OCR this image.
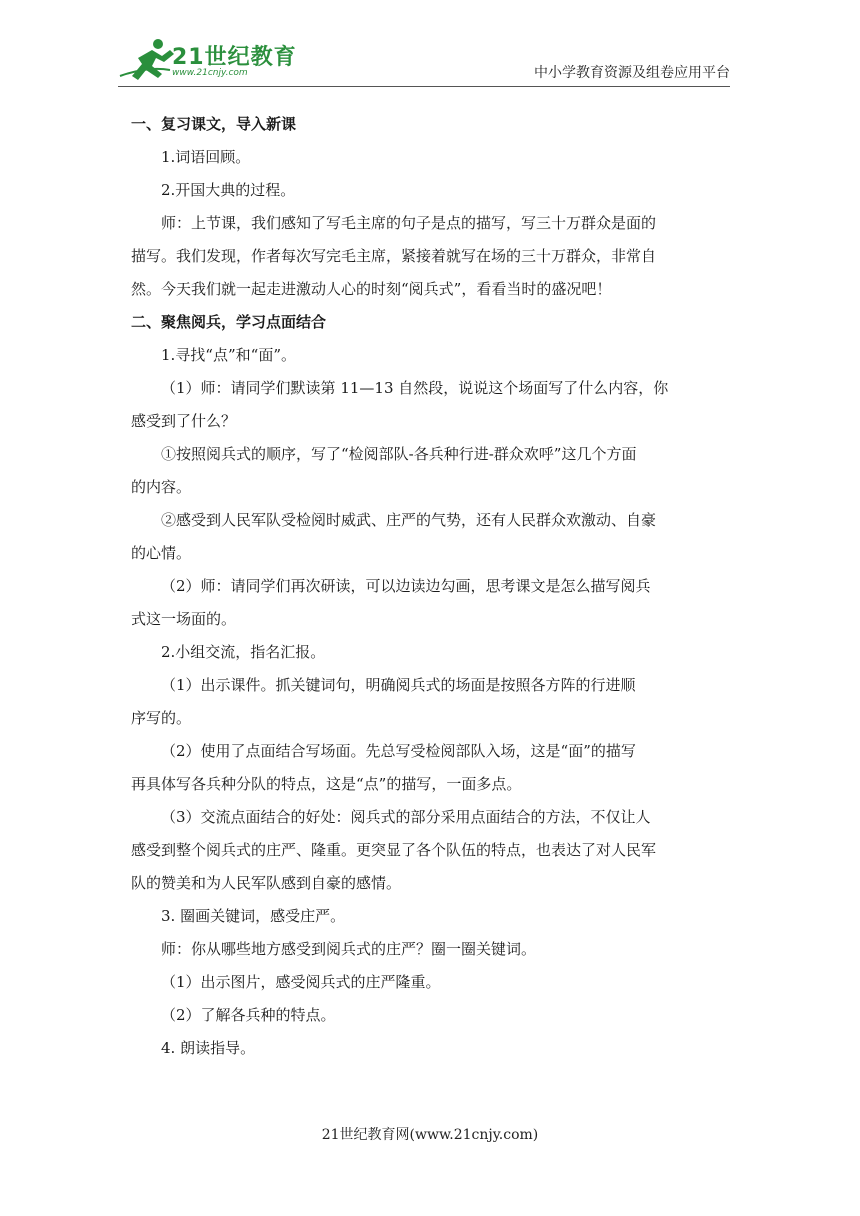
21世纪教育
www.21cnjy.com	中小学教育资源及组卷应用平台

一、复习课文，导入新课

1.词语回顾。

2.开国大典的过程。

师：上节课，我们感知了写毛主席的句子是点的描写，写三十万群众是面的

描写。我们发现，作者每次写完毛主席，紧接着就写在场的三十万群众，非常自

然。今天我们就一起走进激动人心的时刻“阅兵式”，看看当时的盛况吧！

二、聚焦阅兵，学习点面结合

1.寻找“点”和“面”。

（1）师：请同学们默读第 11—13 自然段，说说这个场面写了什么内容，你

感受到了什么？

①按照阅兵式的顺序，写了“检阅部队-各兵种行进-群众欢呼”这几个方面

的内容。

②感受到人民军队受检阅时威武、庄严的气势，还有人民群众欢激动、自豪

的心情。

（2）师：请同学们再次研读，可以边读边勾画，思考课文是怎么描写阅兵

式这一场面的。

2.小组交流，指名汇报。

（1）出示课件。抓关键词句，明确阅兵式的场面是按照各方阵的行进顺

序写的。

（2）使用了点面结合写场面。先总写受检阅部队入场，这是“面”的描写

再具体写各兵种分队的特点，这是“点”的描写，一面多点。

（3）交流点面结合的好处：阅兵式的部分采用点面结合的方法，不仅让人

感受到整个阅兵式的庄严、隆重。更突显了各个队伍的特点，也表达了对人民军

队的赞美和为人民军队感到自豪的感情。

3. 圈画关键词，感受庄严。

师：你从哪些地方感受到阅兵式的庄严？圈一圈关键词。

（1）出示图片，感受阅兵式的庄严隆重。

（2）了解各兵种的特点。

4. 朗读指导。

21世纪教育网(www.21cnjy.com)
